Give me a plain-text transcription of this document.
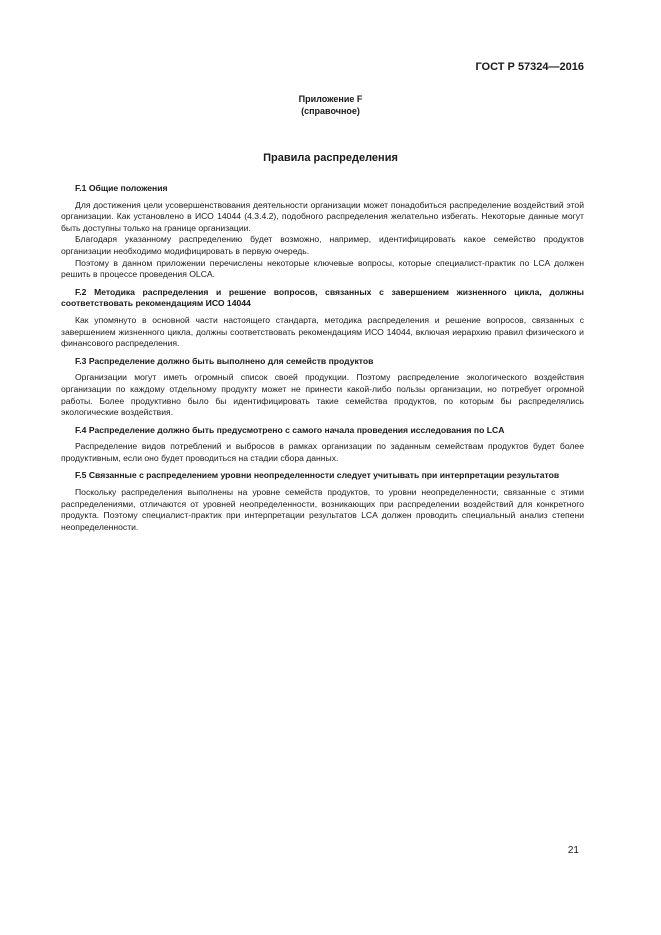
ГОСТ Р 57324—2016
Приложение F
(справочное)
Правила распределения
F.1 Общие положения

Для достижения цели усовершенствования деятельности организации может понадобиться распределение воздействий этой организации. Как установлено в ИСО 14044 (4.3.4.2), подобного распределения желательно избегать. Некоторые данные могут быть доступны только на границе организации.

Благодаря указанному распределению будет возможно, например, идентифицировать какое семейство продуктов организации необходимо модифицировать в первую очередь.

Поэтому в данном приложении перечислены некоторые ключевые вопросы, которые специалист-практик по LCA должен решить в процессе проведения OLCA.

F.2 Методика распределения и решение вопросов, связанных с завершением жизненного цикла, должны соответствовать рекомендациям ИСО 14044

Как упомянуто в основной части настоящего стандарта, методика распределения и решение вопросов, связанных с завершением жизненного цикла, должны соответствовать рекомендациям ИСО 14044, включая иерархию правил физического и финансового распределения.

F.3 Распределение должно быть выполнено для семейств продуктов

Организации могут иметь огромный список своей продукции. Поэтому распределение экологического воздействия организации по каждому отдельному продукту может не принести какой-либо пользы организации, но потребует огромной работы. Более продуктивно было бы идентифицировать такие семейства продуктов, по которым бы распределялись экологические воздействия.

F.4 Распределение должно быть предусмотрено с самого начала проведения исследования по LCA

Распределение видов потреблений и выбросов в рамках организации по заданным семействам продуктов будет более продуктивным, если оно будет проводиться на стадии сбора данных.

F.5 Связанные с распределением уровни неопределенности следует учитывать при интерпретации результатов

Поскольку распределения выполнены на уровне семейств продуктов, то уровни неопределенности, связанные с этими распределениями, отличаются от уровней неопределенности, возникающих при распределении воздействий для конкретного продукта. Поэтому специалист-практик при интерпретации результатов LCA должен проводить специальный анализ степени неопределенности.

21
